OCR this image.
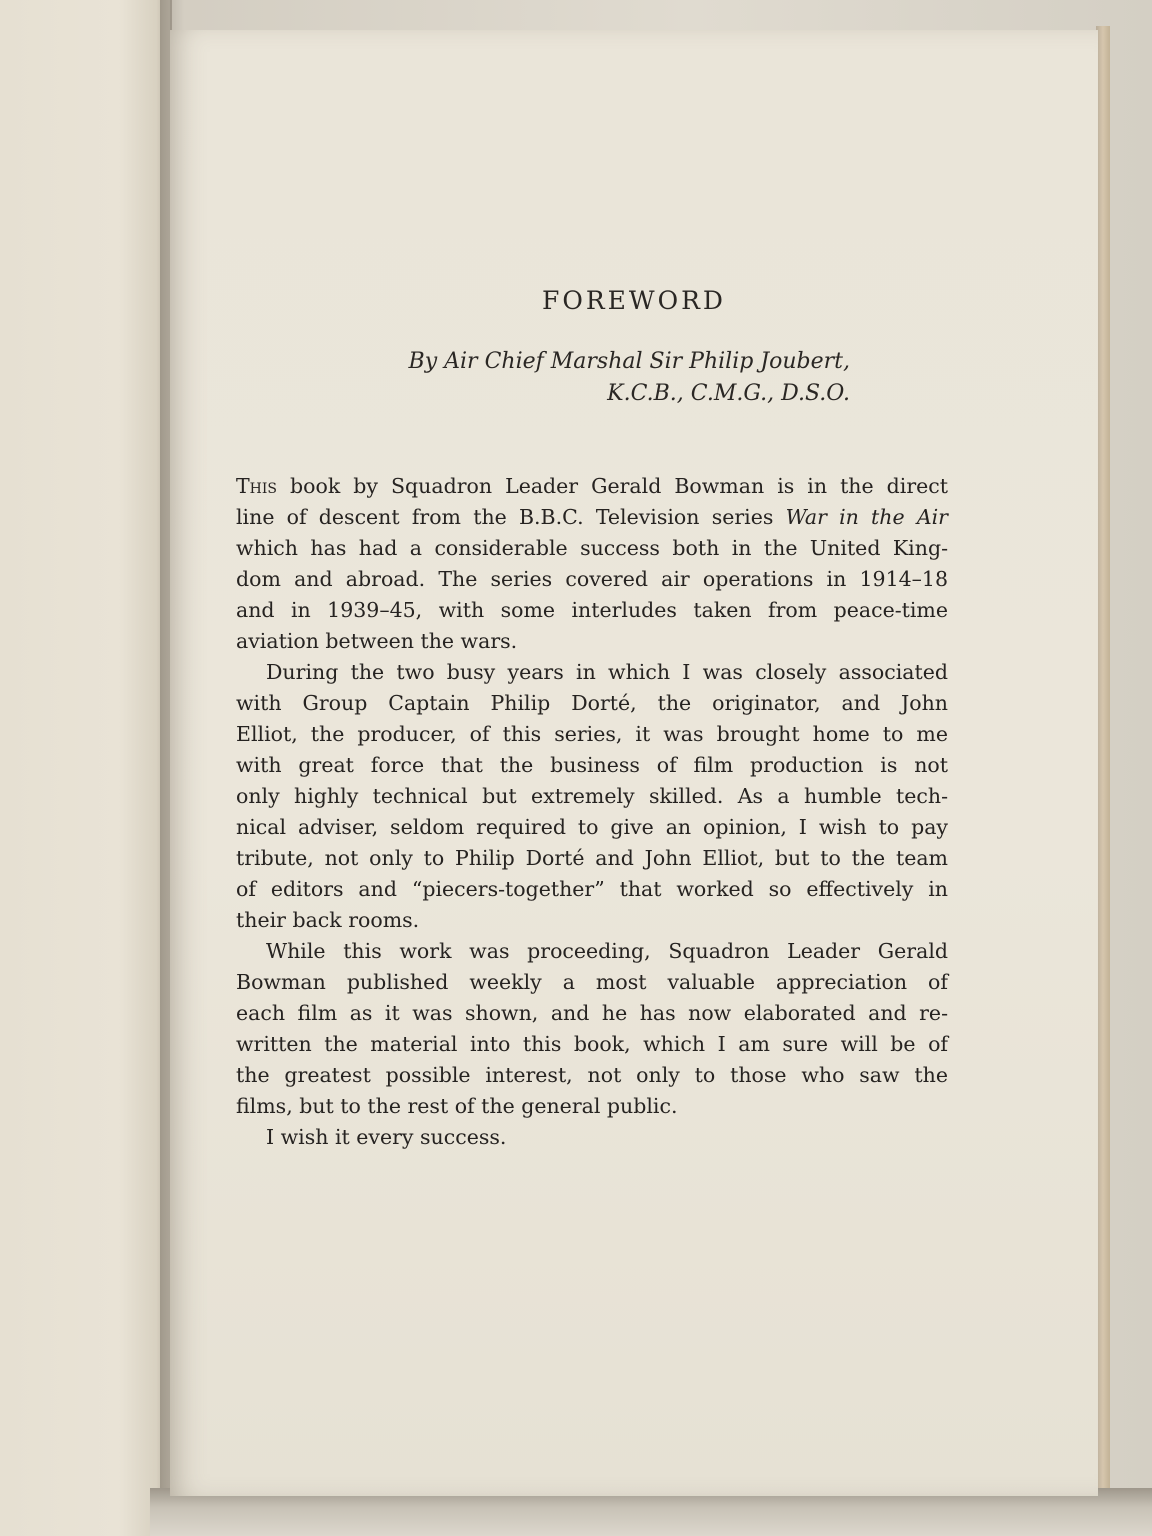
FOREWORD
By Air Chief Marshal Sir Philip Joubert,
K.C.B., C.M.G., D.S.O.
This book by Squadron Leader Gerald Bowman is in the direct
line of descent from the B.B.C. Television series War in the Air
which has had a considerable success both in the United King-
dom and abroad. The series covered air operations in 1914–18
and in 1939–45, with some interludes taken from peace-time
aviation between the wars.
During the two busy years in which I was closely associated
with Group Captain Philip Dorté, the originator, and John
Elliot, the producer, of this series, it was brought home to me
with great force that the business of film production is not
only highly technical but extremely skilled. As a humble tech-
nical adviser, seldom required to give an opinion, I wish to pay
tribute, not only to Philip Dorté and John Elliot, but to the team
of editors and “piecers-together” that worked so effectively in
their back rooms.
While this work was proceeding, Squadron Leader Gerald
Bowman published weekly a most valuable appreciation of
each film as it was shown, and he has now elaborated and re-
written the material into this book, which I am sure will be of
the greatest possible interest, not only to those who saw the
films, but to the rest of the general public.
I wish it every success.
